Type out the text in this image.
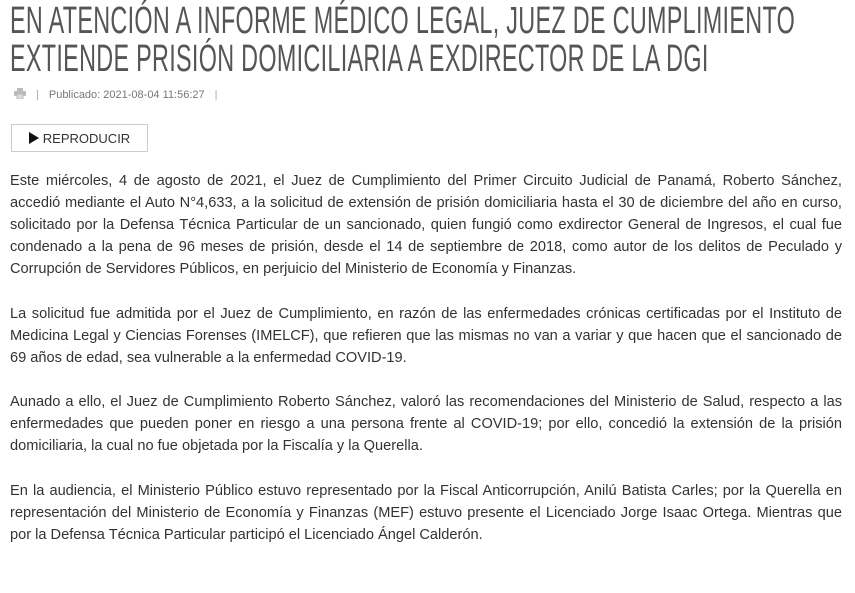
EN ATENCIÓN A INFORME MÉDICO LEGAL, JUEZ DE CUMPLIMIENTO
EXTIENDE PRISIÓN DOMICILIARIA A EXDIRECTOR DE LA DGI
| Publicado: 2021-08-04 11:56:27 |
REPRODUCIR

Este miércoles, 4 de agosto de 2021, el Juez de Cumplimiento del Primer Circuito Judicial de Panamá, Roberto Sánchez, accedió mediante el Auto N°4,633, a la solicitud de extensión de prisión domiciliaria hasta el 30 de diciembre del año en curso, solicitado por la Defensa Técnica Particular de un sancionado, quien fungió como exdirector General de Ingresos, el cual fue condenado a la pena de 96 meses de prisión, desde el 14 de septiembre de 2018, como autor de los delitos de Peculado y Corrupción de Servidores Públicos, en perjuicio del Ministerio de Economía y Finanzas.

La solicitud fue admitida por el Juez de Cumplimiento, en razón de las enfermedades crónicas certificadas por el Instituto de Medicina Legal y Ciencias Forenses (IMELCF), que refieren que las mismas no van a variar y que hacen que el sancionado de 69 años de edad, sea vulnerable a la enfermedad COVID-19.

Aunado a ello, el Juez de Cumplimiento Roberto Sánchez, valoró las recomendaciones del Ministerio de Salud, respecto a las enfermedades que pueden poner en riesgo a una persona frente al COVID-19; por ello, concedió la extensión de la prisión domiciliaria, la cual no fue objetada por la Fiscalía y la Querella.

En la audiencia, el Ministerio Público estuvo representado por la Fiscal Anticorrupción, Anilú Batista Carles; por la Querella en representación del Ministerio de Economía y Finanzas (MEF) estuvo presente el Licenciado Jorge Isaac Ortega. Mientras que por la Defensa Técnica Particular participó el Licenciado Ángel Calderón.
